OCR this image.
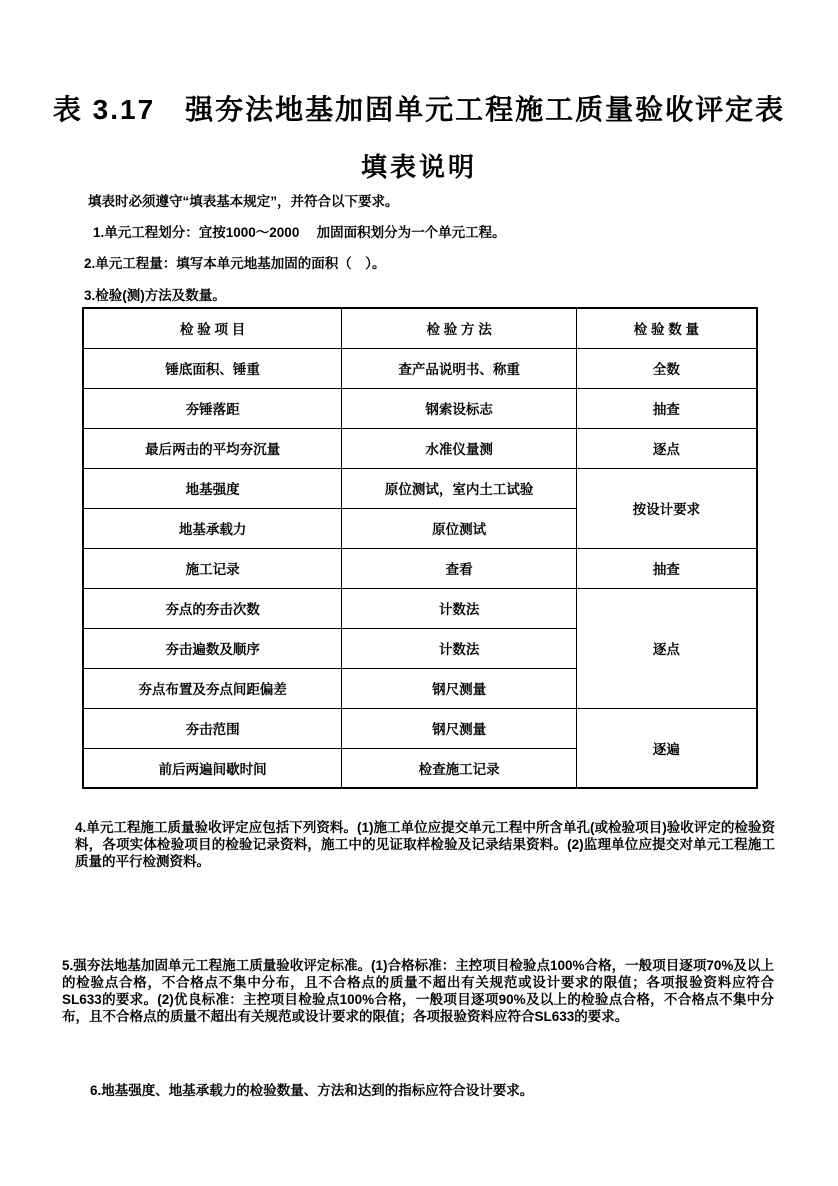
表 3.17　强夯法地基加固单元工程施工质量验收评定表
填表说明
填表时必须遵守“填表基本规定”，并符合以下要求。
1.单元工程划分：宜按1000～2000　 加固面积划分为一个单元工程。
2.单元工程量：填写本单元地基加固的面积（　）。
3.检验(测)方法及数量。
检 验 项 目	检 验 方 法	检 验 数 量
锤底面积、锤重	查产品说明书、称重	全数
夯锤落距	钢索设标志	抽查
最后两击的平均夯沉量	水准仪量测	逐点
地基强度	原位测试，室内土工试验	按设计要求
地基承载力	原位测试	
施工记录	查看	抽查
夯点的夯击次数	计数法	逐点
夯击遍数及顺序	计数法	
夯点布置及夯点间距偏差	钢尺测量	
夯击范围	钢尺测量	逐遍
前后两遍间歇时间	检查施工记录	
4.单元工程施工质量验收评定应包括下列资料。(1)施工单位应提交单元工程中所含单孔(或检验项目)验收评定的检验资料，各项实体检验项目的检验记录资料，施工中的见证取样检验及记录结果资料。(2)监理单位应提交对单元工程施工质量的平行检测资料。
5.强夯法地基加固单元工程施工质量验收评定标准。(1)合格标准：主控项目检验点100%合格，一般项目逐项70%及以上的检验点合格，不合格点不集中分布，且不合格点的质量不超出有关规范或设计要求的限值；各项报验资料应符合SL633的要求。(2)优良标准：主控项目检验点100%合格，一般项目逐项90%及以上的检验点合格，不合格点不集中分布，且不合格点的质量不超出有关规范或设计要求的限值；各项报验资料应符合SL633的要求。
6.地基强度、地基承载力的检验数量、方法和达到的指标应符合设计要求。
